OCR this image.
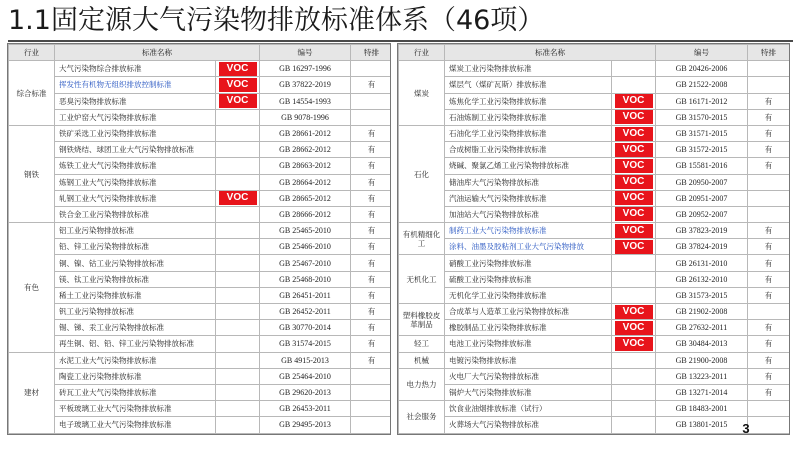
1.1固定源大气污染物排放标准体系（46项）
行业	标准名称		编号	特排
综合标准	大气污染物综合排放标准	VOC	GB 16297-1996	
	挥发性有机物无组织排放控制标准	VOC	GB 37822-2019	有
	恶臭污染物排放标准	VOC	GB 14554-1993	
	工业炉窑大气污染物排放标准		GB 9078-1996	
钢铁	铁矿采选工业污染物排放标准		GB 28661-2012	有
	钢铁烧结、球团工业大气污染物排放标准		GB 28662-2012	有
	炼铁工业大气污染物排放标准		GB 28663-2012	有
	炼钢工业大气污染物排放标准		GB 28664-2012	有
	轧钢工业大气污染物排放标准	VOC	GB 28665-2012	有
	铁合金工业污染物排放标准		GB 28666-2012	有
有色	铝工业污染物排放标准		GB 25465-2010	有
	铅、锌工业污染物排放标准		GB 25466-2010	有
	铜、镍、钴工业污染物排放标准		GB 25467-2010	有
	镁、钛工业污染物排放标准		GB 25468-2010	有
	稀土工业污染物排放标准		GB 26451-2011	有
	钒工业污染物排放标准		GB 26452-2011	有
	锡、锑、汞工业污染物排放标准		GB 30770-2014	有
	再生铜、铝、铅、锌工业污染物排放标准		GB 31574-2015	有
建材	水泥工业大气污染物排放标准		GB 4915-2013	有
	陶瓷工业污染物排放标准		GB 25464-2010	
	砖瓦工业大气污染物排放标准		GB 29620-2013	
	平板玻璃工业大气污染物排放标准		GB 26453-2011	
	电子玻璃工业大气污染物排放标准		GB 29495-2013	
行业	标准名称		编号	特排
煤炭	煤炭工业污染物排放标准		GB 20426-2006	
	煤层气（煤矿瓦斯）排放标准		GB 21522-2008	
	炼焦化学工业污染物排放标准	VOC	GB 16171-2012	有
	石油炼制工业污染物排放标准	VOC	GB 31570-2015	有
石化	石油化学工业污染物排放标准	VOC	GB 31571-2015	有
	合成树脂工业污染物排放标准	VOC	GB 31572-2015	有
	烧碱、聚氯乙烯工业污染物排放标准	VOC	GB 15581-2016	有
	储油库大气污染物排放标准	VOC	GB 20950-2007	
	汽油运输大气污染物排放标准	VOC	GB 20951-2007	
	加油站大气污染物排放标准	VOC	GB 20952-2007	
有机精细化工	制药工业大气污染物排放标准	VOC	GB 37823-2019	有
	涂料、油墨及胶粘剂工业大气污染物排放	VOC	GB 37824-2019	有
无机化工	硝酸工业污染物排放标准		GB 26131-2010	有
	硫酸工业污染物排放标准		GB 26132-2010	有
	无机化学工业污染物排放标准		GB 31573-2015	有
塑料橡胶皮革制品	合成革与人造革工业污染物排放标准	VOC	GB 21902-2008	
	橡胶制品工业污染物排放标准	VOC	GB 27632-2011	有
轻工	电池工业污染物排放标准	VOC	GB 30484-2013	有
机械	电镀污染物排放标准		GB 21900-2008	有
电力热力	火电厂大气污染物排放标准		GB 13223-2011	有
	锅炉大气污染物排放标准		GB 13271-2014	有
社会服务	饮食业油烟排放标准（试行）		GB 18483-2001	
	火葬场大气污染物排放标准		GB 13801-2015		3
